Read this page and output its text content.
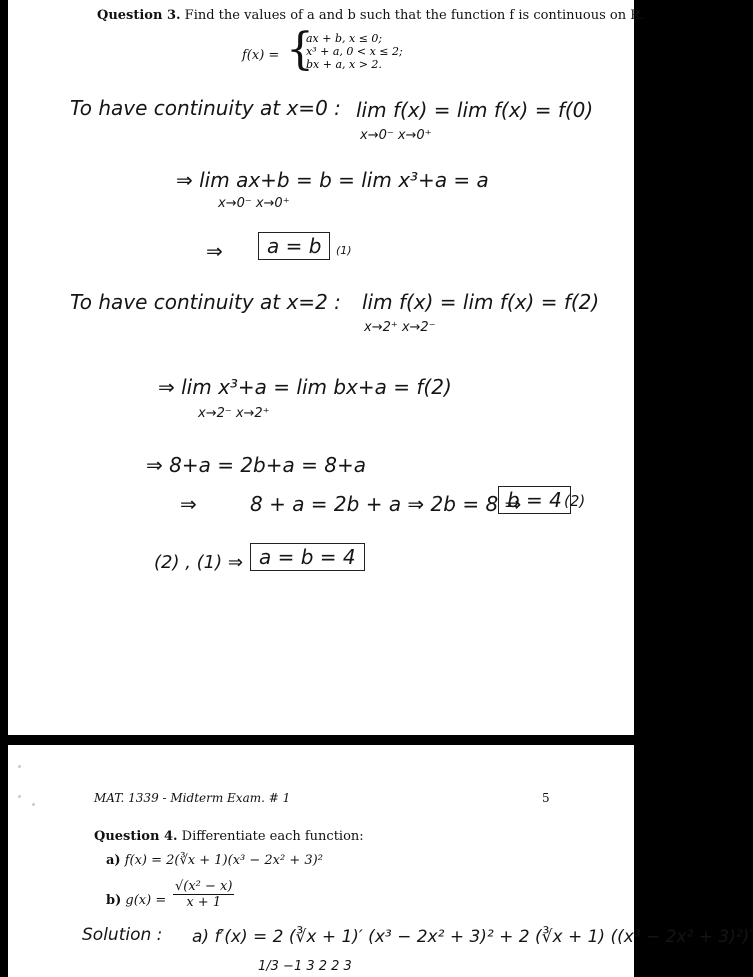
Question 3. Find the values of a and b such that the function f is continuous on R.
f(x) = {
ax + b, x ≤ 0;
x³ + a, 0 < x ≤ 2;
bx + a, x > 2.
To have continuity at x=0 : lim f(x) = lim f(x) = f(0)
x→0⁻ x→0⁺
⇒ lim ax+b = b = lim x³+a = a
x→0⁻ x→0⁺
⇒	a = b	(1)
To have continuity at x=2 : lim f(x) = lim f(x) = f(2)
x→2⁺ x→2⁻
⇒ lim x³+a = lim bx+a = f(2)
x→2⁻ x→2⁺
⇒ 8+a = 2b+a = 8+a
⇒	8 + a = 2b + a ⇒ 2b = 8 ⇒
b = 4 (2)
(2) , (1) ⇒ a = b = 4
MAT. 1339 - Midterm Exam. # 1	5
Question 4. Differentiate each function:
a) f(x) = 2(∛x + 1)(x³ − 2x² + 3)²
b) $g(x) = \frac{\text{√(x² − x)}}{x + 1}$
Solution : a) f′(x) = 2 (∛x + 1)′ (x³ − 2x² + 3)² + 2 (∛x + 1) ((x³ − 2x² + 3)²)′
1/3 −1 3 2 2 3
